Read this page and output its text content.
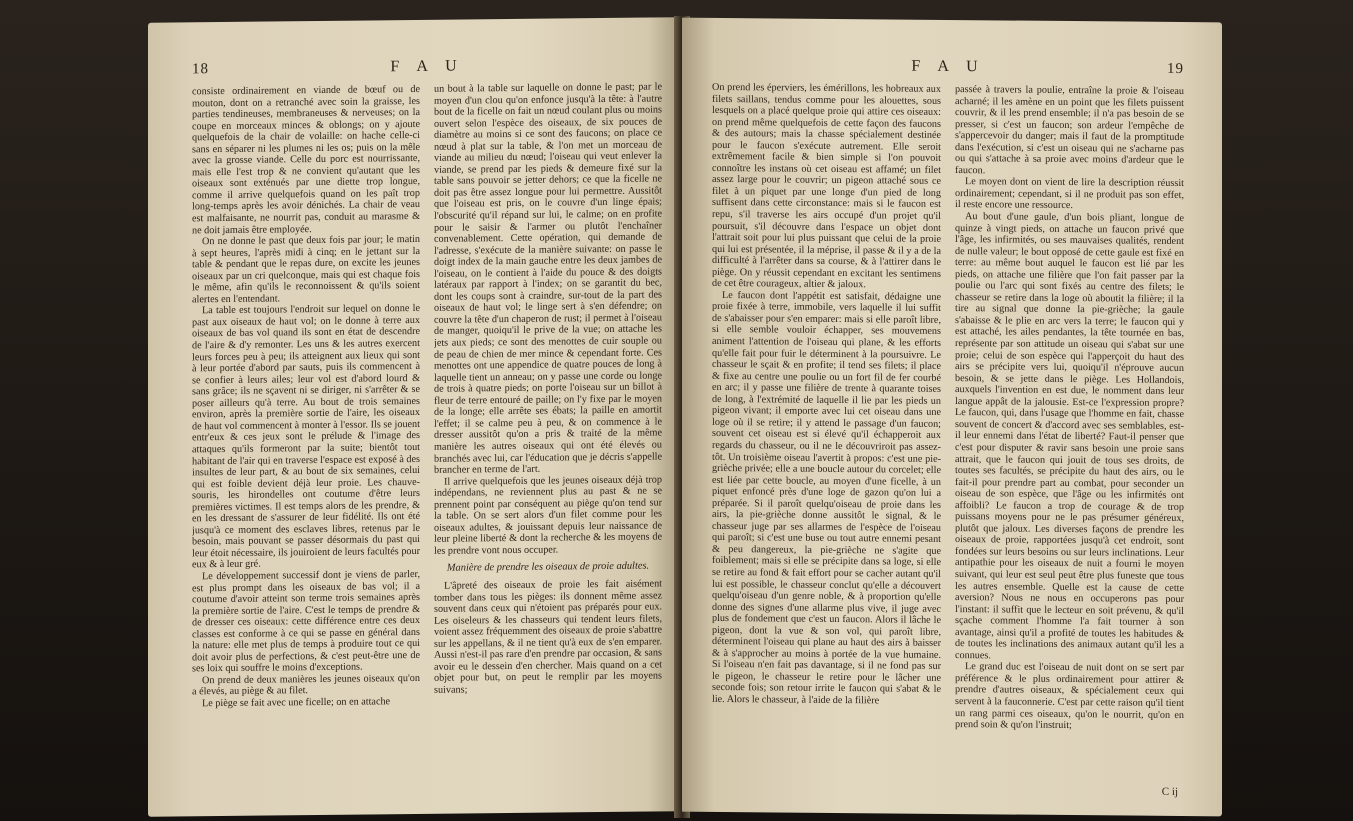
18	F A U

consiste ordinairement en viande de bœuf ou de mouton, dont on a retranché avec soin la graisse, les parties tendineuses, membraneuses & nerveuses; on la coupe en morceaux minces & oblongs; on y ajoute quelquefois de la chair de volaille: on hache celle-ci sans en séparer ni les plumes ni les os; puis on la mêle avec la grosse viande. Celle du porc est nourrissante, mais elle l'est trop & ne convient qu'autant que les oiseaux sont exténués par une diette trop longue, comme il arrive quelquefois quand on les paît trop long-temps après les avoir dénichés. La chair de veau est malfaisante, ne nourrit pas, conduit au marasme & ne doit jamais être employée.

On ne donne le past que deux fois par jour; le matin à sept heures, l'après midi à cinq; en le jettant sur la table & pendant que le repas dure, on excite les jeunes oiseaux par un cri quelconque, mais qui est chaque fois le même, afin qu'ils le reconnoissent & qu'ils soient alertes en l'entendant.

La table est toujours l'endroit sur lequel on donne le past aux oiseaux de haut vol; on le donne à terre aux oiseaux de bas vol quand ils sont en état de descendre de l'aire & d'y remonter. Les uns & les autres exercent leurs forces peu à peu; ils atteignent aux lieux qui sont à leur portée d'abord par sauts, puis ils commencent à se confier à leurs ailes; leur vol est d'abord lourd & sans grâce; ils ne sçavent ni se diriger, ni s'arrêter & se poser ailleurs qu'à terre. Au bout de trois semaines environ, après la première sortie de l'aire, les oiseaux de haut vol commencent à monter à l'essor. Ils se jouent entr'eux & ces jeux sont le prélude & l'image des attaques qu'ils formeront par la suite; bientôt tout habitant de l'air qui en traverse l'espace est exposé à des insultes de leur part, & au bout de six semaines, celui qui est foible devient déjà leur proie. Les chauve-souris, les hirondelles ont coutume d'être leurs premières victimes. Il est temps alors de les prendre, & en les dressant de s'assurer de leur fidélité. Ils ont été jusqu'à ce moment des esclaves libres, retenus par le besoin, mais pouvant se passer désormais du past qui leur étoit nécessaire, ils jouiroient de leurs facultés pour eux & à leur gré.

Le développement successif dont je viens de parler, est plus prompt dans les oiseaux de bas vol; il a coutume d'avoir atteint son terme trois semaines après la première sortie de l'aire. C'est le temps de prendre & de dresser ces oiseaux: cette différence entre ces deux classes est conforme à ce qui se passe en général dans la nature: elle met plus de temps à produire tout ce qui doit avoir plus de perfections, & c'est peut-être une de ses loix qui souffre le moins d'exceptions.

On prend de deux manières les jeunes oiseaux qu'on a élevés, au piège & au filet.

Le piège se fait avec une ficelle; on en attache

un bout à la table sur laquelle on donne le past; par le moyen d'un clou qu'on enfonce jusqu'à la tête: à l'autre bout de la ficelle on fait un nœud coulant plus ou moins ouvert selon l'espèce des oiseaux, de six pouces de diamètre au moins si ce sont des faucons; on place ce nœud à plat sur la table, & l'on met un morceau de viande au milieu du nœud; l'oiseau qui veut enlever la viande, se prend par les pieds & demeure fixé sur la table sans pouvoir se jetter dehors; ce que la ficelle ne doit pas être assez longue pour lui permettre. Aussitôt que l'oiseau est pris, on le couvre d'un linge épais; l'obscurité qu'il répand sur lui, le calme; on en profite pour le saisir & l'armer ou plutôt l'enchaîner convenablement. Cette opération, qui demande de l'adresse, s'exécute de la manière suivante: on passe le doigt index de la main gauche entre les deux jambes de l'oiseau, on le contient à l'aide du pouce & des doigts latéraux par rapport à l'index; on se garantit du bec, dont les coups sont à craindre, sur-tout de la part des oiseaux de haut vol; le linge sert à s'en défendre; on couvre la tête d'un chaperon de rust; il permet à l'oiseau de manger, quoiqu'il le prive de la vue; on attache les jets aux pieds; ce sont des menottes de cuir souple ou de peau de chien de mer mince & cependant forte. Ces menottes ont une appendice de quatre pouces de long à laquelle tient un anneau; on y passe une corde ou longe de trois à quatre pieds; on porte l'oiseau sur un billot à fleur de terre entouré de paille; on l'y fixe par le moyen de la longe; elle arrête ses ébats; la paille en amortit l'effet; il se calme peu à peu, & on commence à le dresser aussitôt qu'on a pris & traité de la même manière les autres oiseaux qui ont été élevés ou branchés avec lui, car l'éducation que je décris s'appelle brancher en terme de l'art.

Il arrive quelquefois que les jeunes oiseaux déjà trop indépendans, ne reviennent plus au past & ne se prennent point par conséquent au piège qu'on tend sur la table. On se sert alors d'un filet comme pour les oiseaux adultes, & jouissant depuis leur naissance de leur pleine liberté & dont la recherche & les moyens de les prendre vont nous occuper.

Manière de prendre les oiseaux de proie adultes.

L'âpreté des oiseaux de proie les fait aisément tomber dans tous les pièges: ils donnent même assez souvent dans ceux qui n'étoient pas préparés pour eux. Les oiseleurs & les chasseurs qui tendent leurs filets, voient assez fréquemment des oiseaux de proie s'abattre sur les appellans, & il ne tient qu'à eux de s'en emparer. Aussi n'est-il pas rare d'en prendre par occasion, & sans avoir eu le dessein d'en chercher. Mais quand on a cet objet pour but, on peut le remplir par les moyens suivans;

F A U	19

On prend les éperviers, les émérillons, les hobreaux aux filets saillans, tendus comme pour les alouettes, sous lesquels on a placé quelque proie qui attire ces oiseaux: on prend même quelquefois de cette façon des faucons & des autours; mais la chasse spécialement destinée pour le faucon s'exécute autrement. Elle seroit extrêmement facile & bien simple si l'on pouvoit connoître les instans où cet oiseau est affamé; un filet assez large pour le couvrir; un pigeon attaché sous ce filet à un piquet par une longe d'un pied de long suffisent dans cette circonstance: mais si le faucon est repu, s'il traverse les airs occupé d'un projet qu'il poursuit, s'il découvre dans l'espace un objet dont l'attrait soit pour lui plus puissant que celui de la proie qui lui est présentée, il la méprise, il passe & il y a de la difficulté à l'arrêter dans sa course, & à l'attirer dans le piège. On y réussit cependant en excitant les sentimens de cet être courageux, altier & jaloux.

Le faucon dont l'appétit est satisfait, dédaigne une proie fixée à terre, immobile, vers laquelle il lui suffit de s'abaisser pour s'en emparer: mais si elle paroît libre, si elle semble vouloir échapper, ses mouvemens animent l'attention de l'oiseau qui plane, & les efforts qu'elle fait pour fuir le déterminent à la poursuivre. Le chasseur le sçait & en profite; il tend ses filets; il place & fixe au centre une poulie ou un fort fil de fer courbé en arc; il y passe une filière de trente à quarante toises de long, à l'extrémité de laquelle il lie par les pieds un pigeon vivant; il emporte avec lui cet oiseau dans une loge où il se retire; il y attend le passage d'un faucon; souvent cet oiseau est si élevé qu'il échapperoit aux regards du chasseur, ou il ne le découvriroit pas assez-tôt. Un troisième oiseau l'avertit à propos: c'est une pie-grièche privée; elle a une boucle autour du corcelet; elle est liée par cette boucle, au moyen d'une ficelle, à un piquet enfoncé près d'une loge de gazon qu'on lui a préparée. Si il paroît quelqu'oiseau de proie dans les airs, la pie-grièche donne aussitôt le signal, & le chasseur juge par ses allarmes de l'espèce de l'oiseau qui paroît; si c'est une buse ou tout autre ennemi pesant & peu dangereux, la pie-grièche ne s'agite que foiblement; mais si elle se précipite dans sa loge, si elle se retire au fond & fait effort pour se cacher autant qu'il lui est possible, le chasseur conclut qu'elle a découvert quelqu'oiseau d'un genre noble, & à proportion qu'elle donne des signes d'une allarme plus vive, il juge avec plus de fondement que c'est un faucon. Alors il lâche le pigeon, dont la vue & son vol, qui paroît libre, déterminent l'oiseau qui plane au haut des airs à baisser & à s'approcher au moins à portée de la vue humaine. Si l'oiseau n'en fait pas davantage, si il ne fond pas sur le pigeon, le chasseur le retire pour le lâcher une seconde fois; son retour irrite le faucon qui s'abat & le lie. Alors le chasseur, à l'aide de la filière

passée à travers la poulie, entraîne la proie & l'oiseau acharné; il les amène en un point que les filets puissent couvrir, & il les prend ensemble; il n'a pas besoin de se presser, si c'est un faucon; son ardeur l'empêche de s'appercevoir du danger; mais il faut de la promptitude dans l'exécution, si c'est un oiseau qui ne s'acharne pas ou qui s'attache à sa proie avec moins d'ardeur que le faucon.

Le moyen dont on vient de lire la description réussit ordinairement; cependant, si il ne produit pas son effet, il reste encore une ressource.

Au bout d'une gaule, d'un bois pliant, longue de quinze à vingt pieds, on attache un faucon privé que l'âge, les infirmités, ou ses mauvaises qualités, rendent de nulle valeur; le bout opposé de cette gaule est fixé en terre: au même bout auquel le faucon est lié par les pieds, on attache une filière que l'on fait passer par la poulie ou l'arc qui sont fixés au centre des filets; le chasseur se retire dans la loge où aboutit la filière; il la tire au signal que donne la pie-grièche; la gaule s'abaisse & le plie en arc vers la terre; le faucon qui y est attaché, les ailes pendantes, la tête tournée en bas, représente par son attitude un oiseau qui s'abat sur une proie; celui de son espèce qui l'apperçoit du haut des airs se précipite vers lui, quoiqu'il n'éprouve aucun besoin, & se jette dans le piège. Les Hollandois, auxquels l'invention en est due, le nomment dans leur langue appât de la jalousie. Est-ce l'expression propre? Le faucon, qui, dans l'usage que l'homme en fait, chasse souvent de concert & d'accord avec ses semblables, est-il leur ennemi dans l'état de liberté? Faut-il penser que c'est pour disputer & ravir sans besoin une proie sans attrait, que le faucon qui jouit de tous ses droits, de toutes ses facultés, se précipite du haut des airs, ou le fait-il pour prendre part au combat, pour seconder un oiseau de son espèce, que l'âge ou les infirmités ont affoibli? Le faucon a trop de courage & de trop puissans moyens pour ne le pas présumer généreux, plutôt que jaloux. Les diverses façons de prendre les oiseaux de proie, rapportées jusqu'à cet endroit, sont fondées sur leurs besoins ou sur leurs inclinations. Leur antipathie pour les oiseaux de nuit a fourni le moyen suivant, qui leur est seul peut être plus funeste que tous les autres ensemble. Quelle est la cause de cette aversion? Nous ne nous en occuperons pas pour l'instant: il suffit que le lecteur en soit prévenu, & qu'il sçache comment l'homme l'a fait tourner à son avantage, ainsi qu'il a profité de toutes les habitudes & de toutes les inclinations des animaux autant qu'il les a connues.

Le grand duc est l'oiseau de nuit dont on se sert par préférence & le plus ordinairement pour attirer & prendre d'autres oiseaux, & spécialement ceux qui servent à la fauconnerie. C'est par cette raison qu'il tient un rang parmi ces oiseaux, qu'on le nourrit, qu'on en prend soin & qu'on l'instruit;

C ij
